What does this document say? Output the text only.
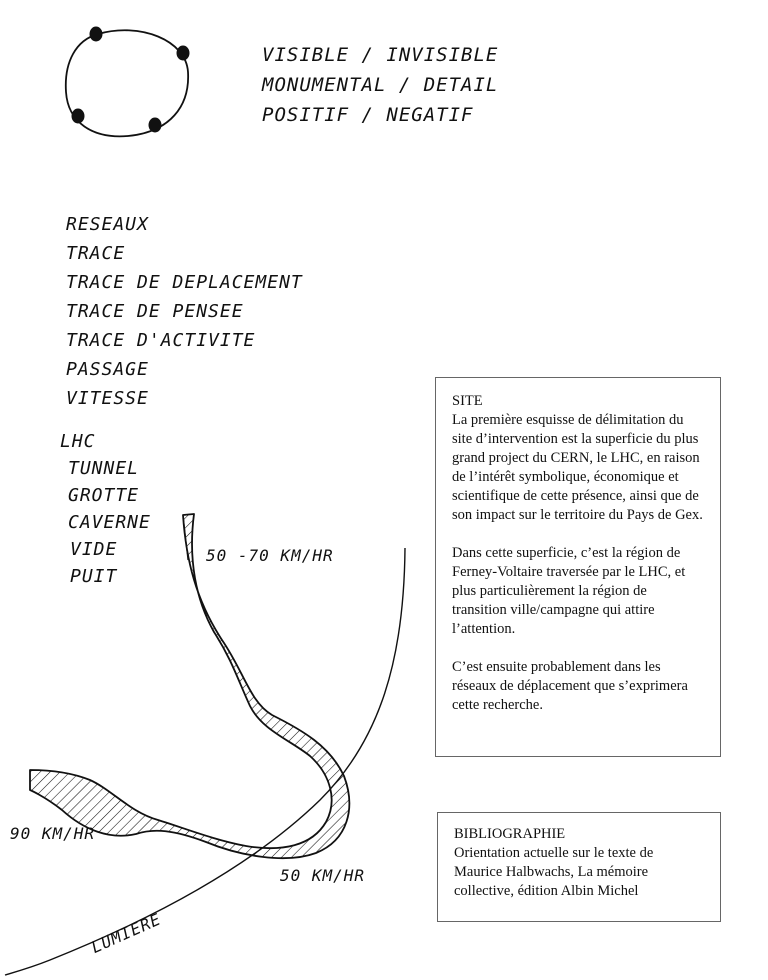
VISIBLE / INVISIBLE
MONUMENTAL / DETAIL
POSITIF / NEGATIF
RESEAUX
TRACE
TRACE DE DEPLACEMENT
TRACE DE PENSEE
TRACE D'ACTIVITE
PASSAGE
VITESSE
LHC
TUNNEL
GROTTE
CAVERNE
VIDE
PUIT
50 -70 KM/HR
90 KM/HR
50 KM/HR
LUMIERE

SITE

La première esquisse de délimitation du site d’intervention est la superficie du plus grand project du CERN, le LHC, en raison de l’intérêt symbolique, économique et scientifique de cette présence, ainsi que de son impact sur le territoire du Pays de Gex.

Dans cette superficie, c’est la région de Ferney-Voltaire traversée par le LHC, et plus particulièrement la région de transition ville/campagne qui attire l’attention.

C’est ensuite probablement dans les réseaux de déplacement que s’exprimera cette recherche.

BIBLIOGRAPHIE

Orientation actuelle sur le texte de Maurice Halbwachs, La mémoire collective, édition Albin Michel
